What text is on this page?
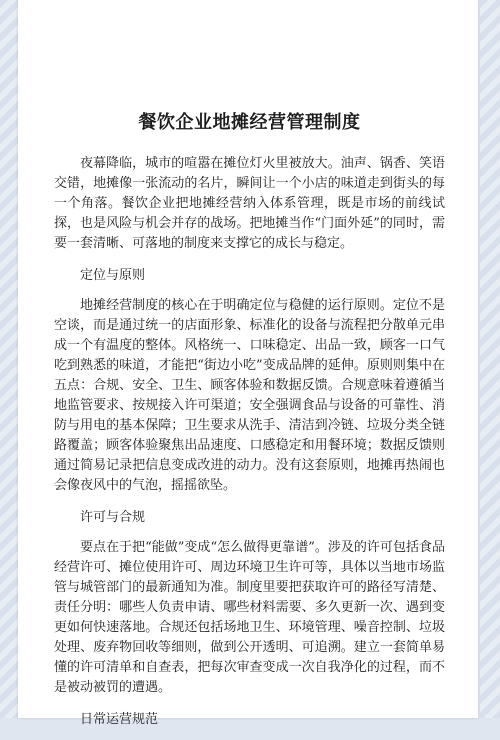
餐饮企业地摊经营管理制度

夜幕降临，城市的喧嚣在摊位灯火里被放大。油声、锅香、笑语交错，地摊像一张流动的名片，瞬间让一个小店的味道走到街头的每一个角落。餐饮企业把地摊经营纳入体系管理，既是市场的前线试探，也是风险与机会并存的战场。把地摊当作“门面外延”的同时，需要一套清晰、可落地的制度来支撑它的成长与稳定。

定位与原则

地摊经营制度的核心在于明确定位与稳健的运行原则。定位不是空谈，而是通过统一的店面形象、标准化的设备与流程把分散单元串成一个有温度的整体。风格统一、口味稳定、出品一致，顾客一口气吃到熟悉的味道，才能把“街边小吃”变成品牌的延伸。原则则集中在五点：合规、安全、卫生、顾客体验和数据反馈。合规意味着遵循当地监管要求、按规接入许可渠道；安全强调食品与设备的可靠性、消防与用电的基本保障；卫生要求从洗手、清洁到冷链、垃圾分类全链路覆盖；顾客体验聚焦出品速度、口感稳定和用餐环境；数据反馈则通过简易记录把信息变成改进的动力。没有这套原则，地摊再热闹也会像夜风中的气泡，摇摇欲坠。

许可与合规

要点在于把“能做”变成“怎么做得更靠谱”。涉及的许可包括食品经营许可、摊位使用许可、周边环境卫生许可等，具体以当地市场监管与城管部门的最新通知为准。制度里要把获取许可的路径写清楚、责任分明：哪些人负责申请、哪些材料需要、多久更新一次、遇到变更如何快速落地。合规还包括场地卫生、环境管理、噪音控制、垃圾处理、废弃物回收等细则，做到公开透明、可追溯。建立一套简单易懂的许可清单和自查表，把每次审查变成一次自我净化的过程，而不是被动被罚的遭遇。

日常运营规范
